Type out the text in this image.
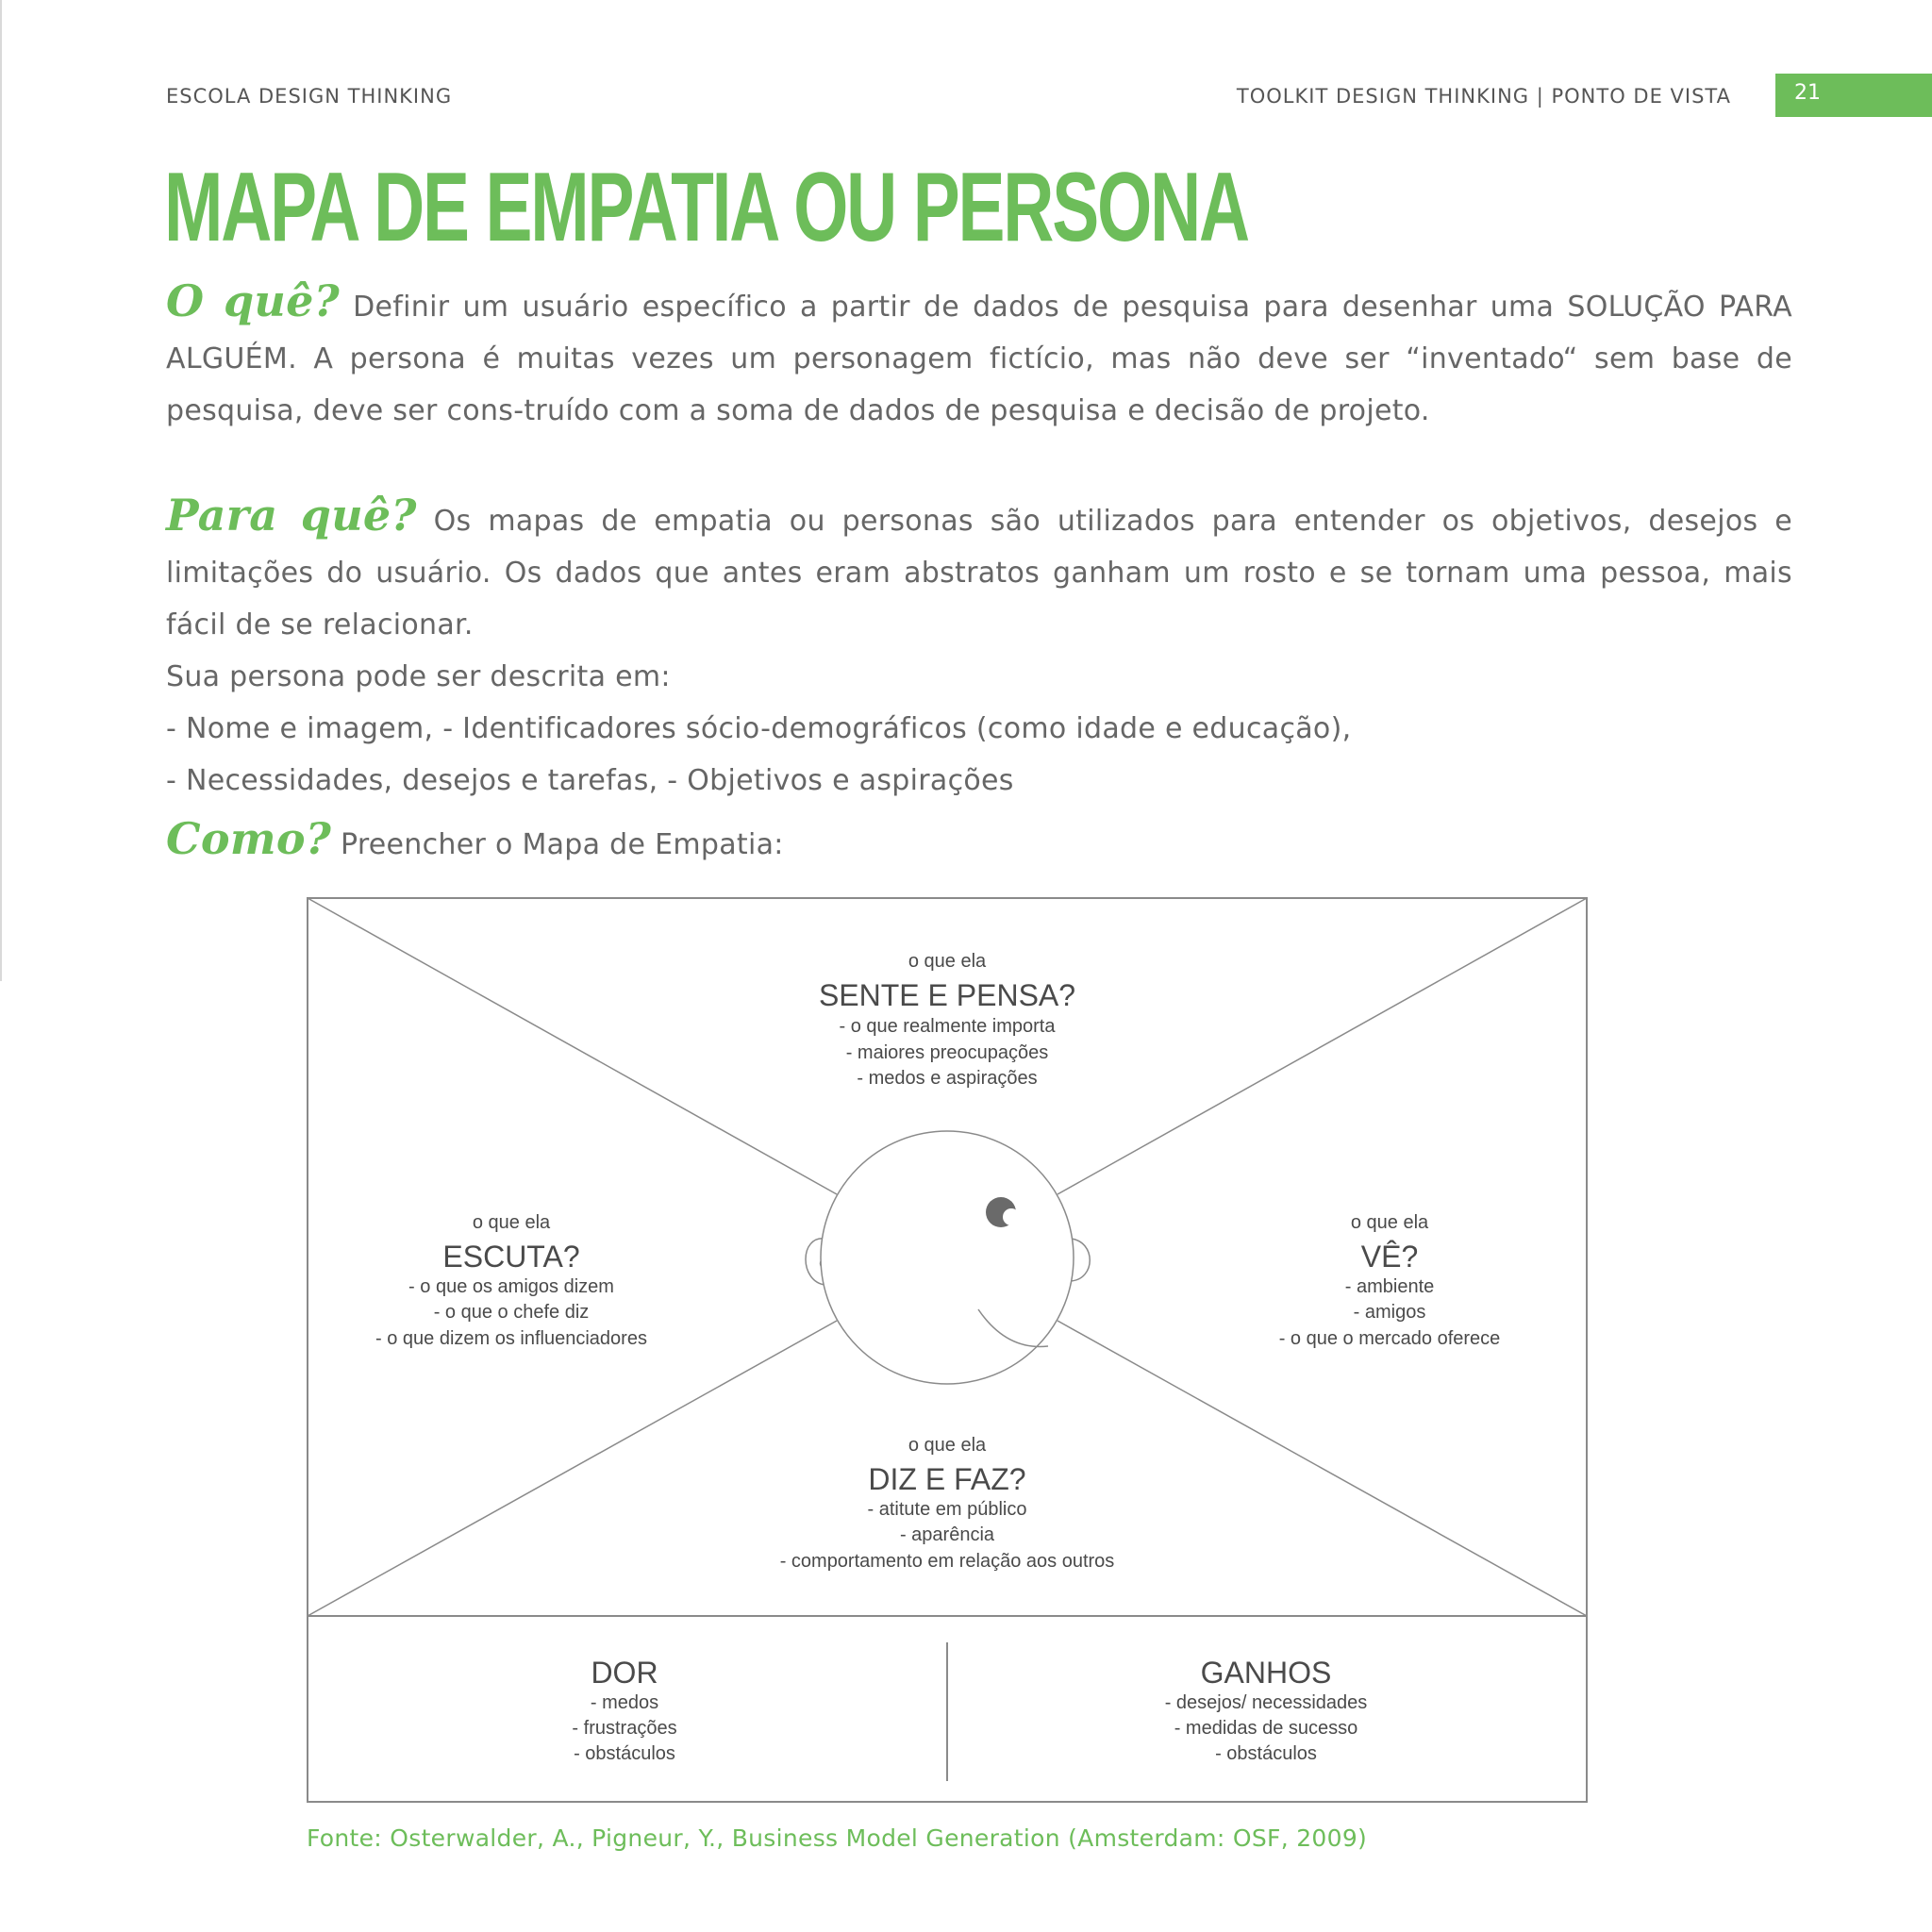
ESCOLA DESIGN THINKING	TOOLKIT DESIGN THINKING | PONTO DE VISTA	21
MAPA DE EMPATIA OU PERSONA

O quê? Definir um usuário específico a partir de dados de pesquisa para desenhar uma SOLUÇÃO PARA ALGUÉM. A persona é muitas vezes um personagem fictício, mas não deve ser “inventado“ sem base de pesquisa, deve ser cons-truído com a soma de dados de pesquisa e decisão de projeto.

Para quê? Os mapas de empatia ou personas são utilizados para entender os objetivos, desejos e limitações do usuário. Os dados que antes eram abstratos ganham um rosto e se tornam uma pessoa, mais fácil de se relacionar.
Sua persona pode ser descrita em:
- Nome e imagem, - Identificadores sócio-demográficos (como idade e educação),
- Necessidades, desejos e tarefas, - Objetivos e aspirações

Como? Preencher o Mapa de Empatia:

o que ela
SENTE E PENSA?
- o que realmente importa
- maiores preocupações
- medos e aspirações
o que ela
ESCUTA?
- o que os amigos dizem
- o que o chefe diz
- o que dizem os influenciadores
o que ela
VÊ?
- ambiente
- amigos
- o que o mercado oferece
o que ela
DIZ E FAZ?
- atitute em público
- aparência
- comportamento em relação aos outros
DOR
- medos
- frustrações
- obstáculos
GANHOS
- desejos/ necessidades
- medidas de sucesso
- obstáculos
Fonte: Osterwalder, A., Pigneur, Y., Business Model Generation (Amsterdam: OSF, 2009)
